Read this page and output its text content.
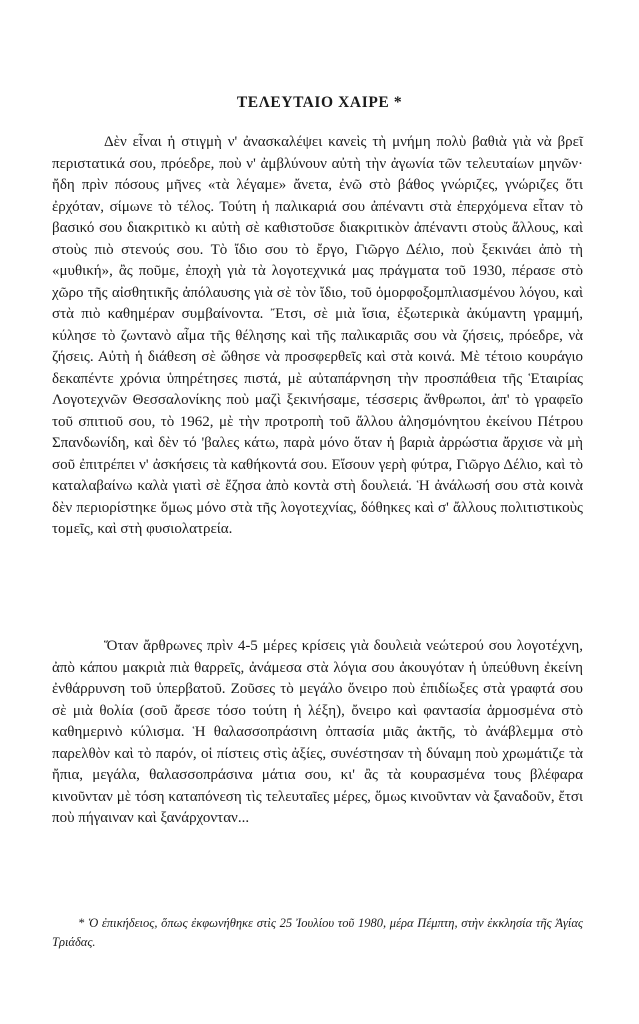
ΤΕΛΕΥΤΑΙΟ ΧΑΙΡΕ *

Δὲν εἶναι ἡ στιγμὴ ν' ἀνασκαλέψει κανεὶς τὴ μνήμη πολὺ βαθιὰ γιὰ νὰ βρεῖ περιστατικά σου, πρόεδρε, ποὺ ν' ἀμβλύνουν αὐτὴ τὴν ἀγωνία τῶν τελευταίων μηνῶν· ἤδη πρὶν πόσους μῆνες «τὰ λέγαμε» ἄνετα, ἐνῶ στὸ βάθος γνώριζες, γνώριζες ὅτι ἐρχόταν, σίμωνε τὸ τέλος. Τούτη ἡ παλικαριά σου ἀπέναντι στὰ ἐπερχόμενα εἶταν τὸ βασικό σου διακριτικὸ κι αὐτὴ σὲ καθιστοῦσε διακριτικὸν ἀπέναντι στοὺς ἄλλους, καὶ στοὺς πιὸ στενούς σου. Τὸ ἴδιο σου τὸ ἔργο, Γιῶργο Δέλιο, ποὺ ξεκινάει ἀπὸ τὴ «μυθική», ἂς ποῦμε, ἐποχὴ γιὰ τὰ λογοτεχνικά μας πράγματα τοῦ 1930, πέρασε στὸ χῶρο τῆς αἰσθητικῆς ἀπόλαυσης γιὰ σὲ τὸν ἴδιο, τοῦ ὁμορφοξομπλιασμένου λόγου, καὶ στὰ πιὸ καθημέραν συμβαίνοντα. Ἔτσι, σὲ μιὰ ἴσια, ἐξωτερικὰ ἀκύμαντη γραμμή, κύλησε τὸ ζωντανὸ αἷμα τῆς θέλησης καὶ τῆς παλικαριᾶς σου νὰ ζήσεις, πρόεδρε, νὰ ζήσεις. Αὐτὴ ἡ διάθεση σὲ ὤθησε νὰ προσφερθεῖς καὶ στὰ κοινά. Μὲ τέτοιο κουράγιο δεκαπέντε χρόνια ὑπηρέτησες πιστά, μὲ αὐταπάρνηση τὴν προσπάθεια τῆς Ἑταιρίας Λογοτεχνῶν Θεσσαλονίκης ποὺ μαζὶ ξεκινήσαμε, τέσσερις ἄνθρωποι, ἀπ' τὸ γραφεῖο τοῦ σπιτιοῦ σου, τὸ 1962, μὲ τὴν προτροπὴ τοῦ ἄλλου ἀλησμόνητου ἐκείνου Πέτρου Σπανδωνίδη, καὶ δὲν τό 'βαλες κάτω, παρὰ μόνο ὅταν ἡ βαριὰ ἀρρώστια ἄρχισε νὰ μὴ σοῦ ἐπιτρέπει ν' ἀσκήσεις τὰ καθήκοντά σου. Εἴσουν γερὴ φύτρα, Γιῶργο Δέλιο, καὶ τὸ καταλαβαίνω καλὰ γιατὶ σὲ ἔζησα ἀπὸ κοντὰ στὴ δουλειά. Ἡ ἀνάλωσή σου στὰ κοινὰ δὲν περιορίστηκε ὅμως μόνο στὰ τῆς λογοτεχνίας, δόθηκες καὶ σ' ἄλλους πολιτιστικοὺς τομεῖς, καὶ στὴ φυσιολατρεία.

Ὅταν ἄρθρωνες πρὶν 4-5 μέρες κρίσεις γιὰ δουλειὰ νεώτερού σου λογοτέχνη, ἀπὸ κάπου μακριὰ πιὰ θαρρεῖς, ἀνάμεσα στὰ λόγια σου ἀκουγόταν ἡ ὑπεύθυνη ἐκείνη ἐνθάρρυνση τοῦ ὑπερβατοῦ. Ζοῦσες τὸ μεγάλο ὄνειρο ποὺ ἐπιδίωξες στὰ γραφτά σου σὲ μιὰ θολία (σοῦ ἄρεσε τόσο τούτη ἡ λέξη), ὄνειρο καὶ φαντασία ἁρμοσμένα στὸ καθημερινὸ κύλισμα. Ἡ θαλασσοπράσινη ὀπτασία μιᾶς ἀκτῆς, τὸ ἀνάβλεμμα στὸ παρελθὸν καὶ τὸ παρόν, οἱ πίστεις στὶς ἀξίες, συνέστησαν τὴ δύναμη ποὺ χρωμάτιζε τὰ ἤπια, μεγάλα, θαλασσοπράσινα μάτια σου, κι' ἂς τὰ κουρασμένα τους βλέφαρα κινοῦνταν μὲ τόση καταπόνεση τὶς τελευταῖες μέρες, ὅμως κινοῦνταν νὰ ξαναδοῦν, ἔτσι ποὺ πήγαιναν καὶ ξανάρχονταν...

* Ὁ ἐπικήδειος, ὅπως ἐκφωνήθηκε στὶς 25 Ἰουλίου τοῦ 1980, μέρα Πέμπτη, στὴν ἐκκλησία τῆς Ἁγίας Τριάδας.
